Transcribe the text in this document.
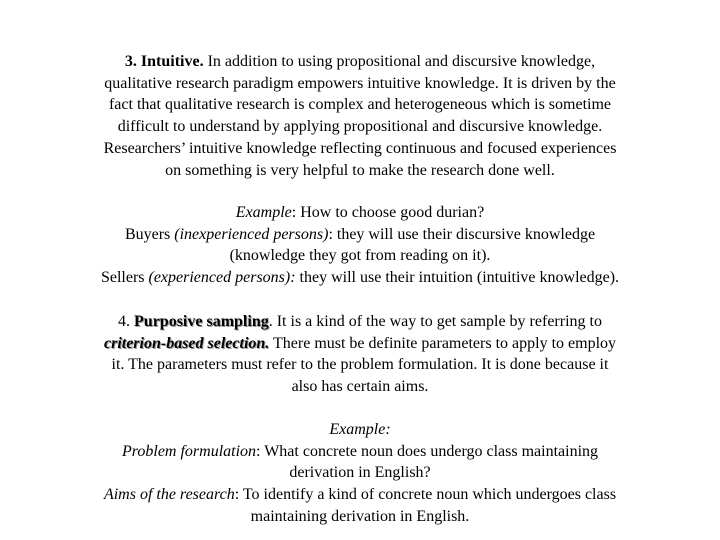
3. Intuitive. In addition to using propositional and discursive knowledge,
qualitative research paradigm empowers intuitive knowledge. It is driven by the
fact that qualitative research is complex and heterogeneous which is sometime
difficult to understand by applying propositional and discursive knowledge.
Researchers’ intuitive knowledge reflecting continuous and focused experiences
on something is very helpful to make the research done well.

Example: How to choose good durian?
Buyers (inexperienced persons): they will use their discursive knowledge
(knowledge they got from reading on it).
Sellers (experienced persons): they will use their intuition (intuitive knowledge).

4. Purposive sampling. It is a kind of the way to get sample by referring to
criterion-based selection. There must be definite parameters to apply to employ
it. The parameters must refer to the problem formulation. It is done because it
also has certain aims.

Example:
Problem formulation: What concrete noun does undergo class maintaining
derivation in English?
Aims of the research: To identify a kind of concrete noun which undergoes class
maintaining derivation in English.
